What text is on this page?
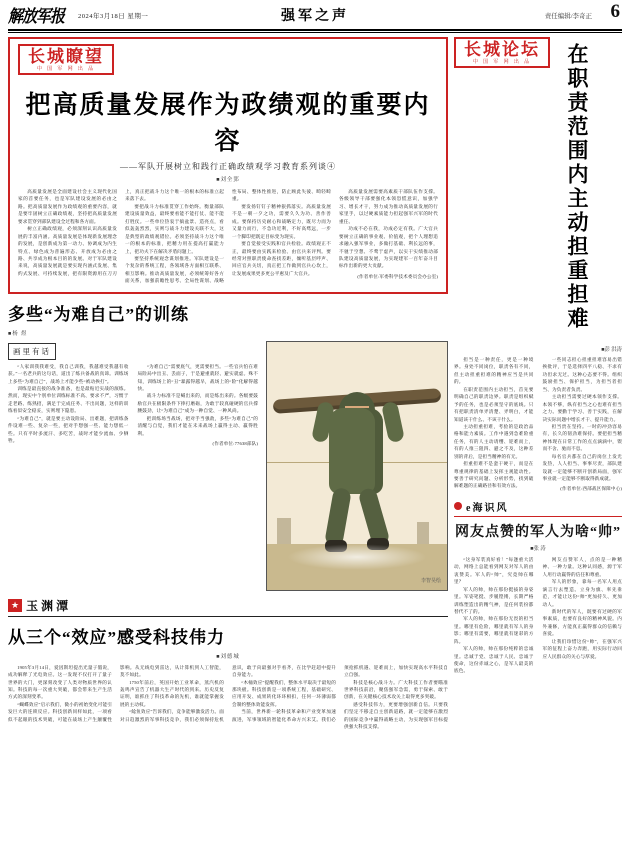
解放军报 2024年3月18日 星期一	强军之声	责任编辑/李奇正 6
长城瞭望
中 国 军 网 出 品
把高质量发展作为政绩观的重要内容
——军队开展树立和践行正确政绩观学习教育系列谈④
■刘全郢

高质量发展是全面建设社会主义现代化国家的首要任务，也是军队建设发展的必由之路。把高质量发展作为政绩观的重要内容，就是要牢固树立正确政绩观，坚持把高质量发展要求贯穿到部队建设全过程和各方面。

树立正确政绩观，必须深刻认识高质量发展的丰富内涵。高质量发展是体现新发展理念的发展，是创新成为第一动力、协调成为内生特点、绿色成为普遍形态、开放成为必由之路、共享成为根本目的的发展。对于军队建设来说，高质量发展就是要实现内涵式发展、集约式发展、可持续发展，把有限资源用在刀刃上，真正把战斗力这个唯一的根本的标准立起来落下去。

要把战斗力标准贯穿工作始终。衡量部队建设质量效益，最终要看能不能打仗、能不能打胜仗。一些单位热衷于搞盆景、造亮点，看似轰轰烈烈，实则与战斗力建设关联不大，这是典型的政绩观错位。必须坚持战斗力这个唯一的根本的标准，把精力用在提高打赢能力上，把功夫下在解决矛盾问题上。

要坚持系统观念谋划推进。军队建设是一个复杂的系统工程，各领域各方面相互联系、相互影响。推动高质量发展，必须统筹好各方面关系，加强前瞻性思考、全局性谋划、战略性布局、整体性推进，防止顾此失彼、畸轻畸重。

要发扬钉钉子精神狠抓落实。高质量发展不是一朝一夕之功，需要久久为功、善作善成。要保持历史耐心和战略定力，既尽力而为又量力而行，不急功近利，不好高骛远，一步一个脚印把既定目标变为现实。

要自觉接受实践和官兵检验。政绩观正不正，最终要由实践来检验、由官兵来评判。要经常对照职责使命查找差距，倾听基层呼声、回应官兵关切，真正把工作做到官兵心坎上，让发展成果更多更公平惠及广大官兵。

高质量发展需要高素质干部队伍作支撑。各级领导干部要强化本领恐慌意识，加强学习、增长才干，努力成为推动高质量发展的行家里手，以过硬素质能力担起强军兴军的时代重任。

功成不必在我，功成必定有我。广大官兵要树立正确的事业观、价值观，把个人理想追求融入强军事业，多做打基础、利长远的事，不驰于空想、不骛于虚声，以实干实绩推动部队建设高质量发展，为实现建军一百年奋斗目标作出新的更大贡献。

(作者单位:军委科学技术委员会办公室)
多些“为难自己”的训练
■杨 煜
画里有话

“人家训我我难受，我自己训我，我越难受我越有收获。”一名老兵的这句话，道出了练兵备战的真谛。训练场上多些“为难自己”，战场上才能少些“被动挨打”。

训练是最直接的战争准备，也是最贴近实战的演练。然而，现实中个别单位训练标准不高、要求不严，习惯于走老路、练熟招，满足于完成任务、不出问题，这样的训练看似安全稳妥，实则埋下隐患。

“为难自己”，就是要主动设险局、出难题，把训练条件设难一些、复杂一些，把对手想强一些、能力想低一些。只有平时多流汗、多吃苦，战时才能少流血、少牺牲。

“为难自己”需要底气，更需要担当。一些官兵怕在难局险局中出丑、丢面子，于是避重就轻、避实就虚。殊不知，训练场上的“丑”暴露得越早，战场上的“险”化解得越快。

战斗力标准不是喊出来的，而是练出来的。各级要鼓励官兵在极限条件下摔打磨砺，为敢于较真碰硬的官兵撑腰鼓劲，让“为难自己”成为一种自觉、一种风尚。

把训练场当战场，把对手当强敌，多些“为难自己”的清醒与自觉，我们才能在未来战场上赢得主动、赢得胜利。

(作者单位:77638部队)
李智昊绘
★ 玉渊潭
从三个“效应”感受科技伟力
■刘德城

1905年3月14日，爱因斯坦提出光量子假说，成功解释了光电效应。这一发现不仅打开了量子世界的大门，更深刻改变了人类对物质世界的认知。科技的每一次重大突破，都会带来生产生活方式的深刻变革。

“蝴蝶效应”启示我们，微小的初始变化可能引发巨大的连锁反应。科技创新同样如此，一项看似不起眼的技术突破，可能在战场上产生颠覆性影响。从无线电到雷达，从计算机到人工智能，莫不如此。

1750年前后，英国开始工业革命，蒸汽机的轰鸣声宣告了机器大生产时代的到来。历史反复证明，谁抓住了科技革命的先机，谁就能掌握发展的主动权。

“鲶鱼效应”告诉我们，竞争能够激发活力。面对日趋激烈的军事科技竞争，我们必须保持危机意识，敢于向最强对手看齐，在比学赶超中提升自身能力。

“木桶效应”提醒我们，整体水平取决于最短的那块板。科技创新是一项系统工程，基础研究、应用开发、成果转化环环相扣，任何一环薄弱都会制约整体效能发挥。

当前，世界新一轮科技革命和产业变革加速演进，军事领域的智能化革命方兴未艾。我们必须抢抓机遇、迎难而上，加快实现高水平科技自立自强。

科技是核心战斗力。广大科技工作者要瞄准世界科技前沿，聚焦强军急需，勇于探索、敢于创新，在关键核心技术攻关上取得更多突破。

感受科技伟力，更要增强创新自信。只要我们坚定不移走自主创新道路，就一定能够在激烈的国际竞争中赢得战略主动，为实现强军目标提供强大科技支撑。

长城论坛
中 国 军 网 出 品	在职责范围内主动担重担难
■彭 洪涛

担当是一种责任，更是一种境界。身处不同岗位，职责各有不同，但主动担重担难的精神应当是共同的。

在职责范围内主动担当，首先要明确自己的职责边界。职责是组织赋予的任务，也是必须坚守的底线。只有把职责清单弄清楚、弄明白，才能知道该干什么、不该干什么。

主动担重担难，考验的是政治品格和能力素质。工作中遇到急难险重任务，有的人主动请缨、迎难而上，有的人推三阻四、避之不及，这种差别的背后，是担当精神的有无。

担重担难不是蛮干硬干，而是在尊重规律的基础上发挥主观能动性。要善于研究问题、分析形势，找到破解难题的正确路径和有效方法。

一些同志担心担重担难容易出错挨批评，于是选择四平八稳、不求有功但求无过。这种心态要不得。组织鼓励担当、保护担当，为担当者担当、为负责者负责。

主动担当需要过硬本领作支撑。本领不够，纵有担当之心也难有担当之力。要勤于学习、善于实践，在解决实际问题中增长才干、提升能力。

担当贵在坚持。一时的冲劲容易有，长久的韧劲难保持。要把担当精神体现在日常工作的点点滴滴中，锲而不舍、驰而不息。

每名官兵都在自己的岗位上发光发热，人人担当、事事尽责，部队建设就一定能够不断开创新局面，强军事业就一定能够不断取得新成就。

(作者单位:西部战区保障中心)
e海识风
网友点赞的军人为啥“帅”
■张 涛

“这身军装真好看！”每逢重大活动，网络上总能看到网友对军人的由衷赞美。军人的“帅”，究竟帅在哪里？

军人的帅，帅在那份挺拔的身姿里。军姿笔挺、步履铿锵，长期严格训练塑造出的精气神，是任何装扮都替代不了的。

军人的帅，帅在那份无畏的担当里。哪里有危险，哪里就有军人的身影；哪里有需要，哪里就有迷彩的方阵。

军人的帅，帅在那份纯粹的忠诚里。忠诚于党、忠诚于人民、忠诚于使命，这份赤诚之心，是军人最美的底色。

网友点赞军人，点的是一种精神、一种力量。这种认同感，源于军人用行动赢得的信任和尊重。

军人的形象，靠每一名军人用点滴言行去塑造。立身为旗、率先垂范，才能让这份“帅”更加持久、更加动人。

新时代的军人，既要有过硬的军事素质，也要有良好的精神风貌。内外兼修，方能真正赢得群众的信赖与喜爱。

让我们珍惜这份“帅”，在强军兴军的征程上奋力奔跑，用实际行动回应人民群众的关心与厚爱。
